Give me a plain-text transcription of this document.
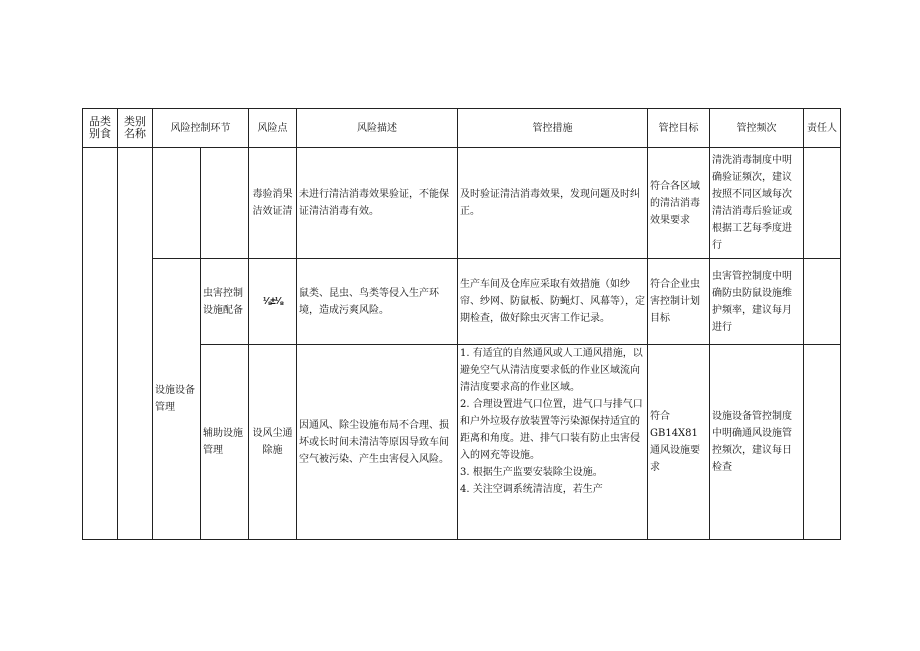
品类别食	类别名称	风险控制环节		风险点	风险描述	管控措施	管控目标	管控频次	责任人
				毒验消果洁效证清	未进行清洁消毒效果验证，不能保证清洁消毒有效。	及时验证清洁消毒效果，发现问题及时纠正。	符合各区域的清洁消毒效果要求	清洗消毒制度中明确验证频次，建议按照不同区域每次清洁消毒后验证或根据工艺每季度进行	
		设施设备管理	虫害控制设施配备	⅛±⅛	鼠类、昆虫、鸟类等侵入生产环境，造成污爽风险。	生产车间及仓库应采取有效措施（如纱帘、纱网、防鼠板、防蝇灯、风幕等），定期检查，做好除虫灭害工作记录。	符合企业虫害控制计划目标	虫害管控制度中明确防虫防鼠设施维护频率，建议每月进行	
			辅助设施管理	设风尘通除施	因通风、除尘设施布局不合理、损坏或长时间未清洁等原因导致车间空气被污染、产生虫害侵入风险。	1. 有适宜的自然通风或人工通风措施，以避免空气从清洁度要求低的作业区域流向清洁度要求高的作业区域。
2. 合理设置进气口位置，进气口与排气口和户外垃圾存放装置等污染源保持适宜的距离和角度。进、排气口装有防止虫害侵入的网充等设施。
3. 根据生产监要安装除尘设施。
4. 关注空调系统清洁度，若生产	符合GB14X81通风设施要求	设施设备管控制度中明确通风设施管控频次，建议每日检查	
